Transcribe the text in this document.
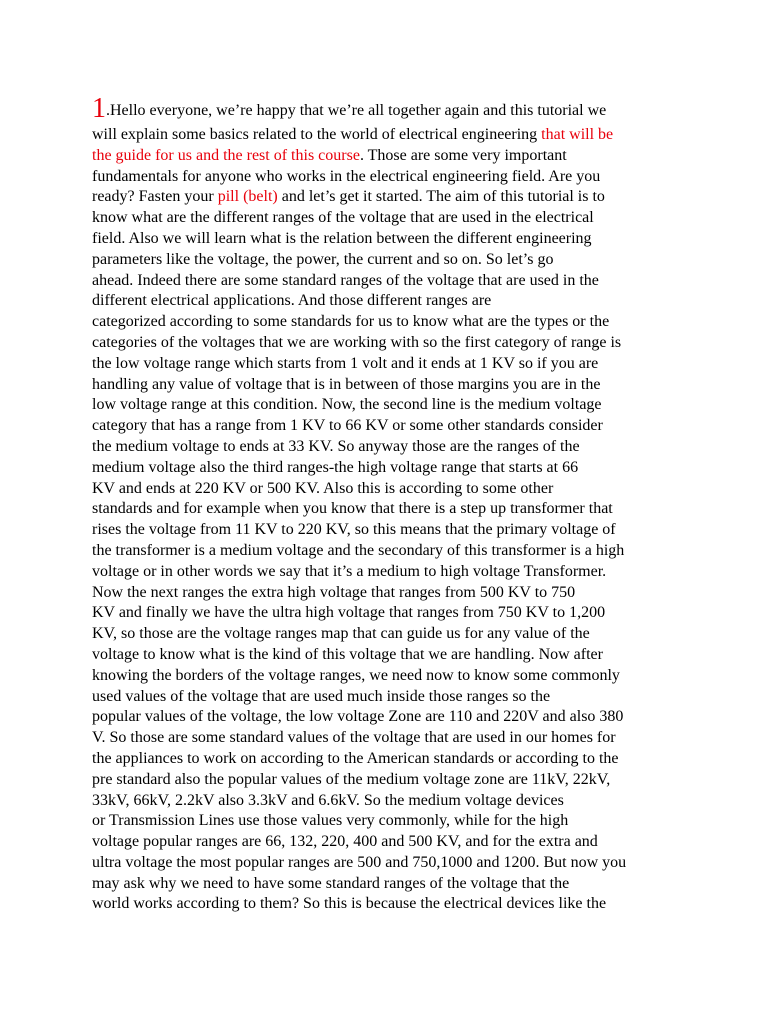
1.Hello everyone, we’re happy that we’re all together again and this tutorial we
will explain some basics related to the world of electrical engineering that will be
the guide for us and the rest of this course. Those are some very important
fundamentals for anyone who works in the electrical engineering field. Are you
ready? Fasten your pill (belt) and let’s get it started. The aim of this tutorial is to
know what are the different ranges of the voltage that are used in the electrical
field. Also we will learn what is the relation between the different engineering
parameters like the voltage, the power, the current and so on. So let’s go
ahead. Indeed there are some standard ranges of the voltage that are used in the
different electrical applications. And those different ranges are
categorized according to some standards for us to know what are the types or the
categories of the voltages that we are working with so the first category of range is
the low voltage range which starts from 1 volt and it ends at 1 KV so if you are
handling any value of voltage that is in between of those margins you are in the
low voltage range at this condition. Now, the second line is the medium voltage
category that has a range from 1 KV to 66 KV or some other standards consider
the medium voltage to ends at 33 KV. So anyway those are the ranges of the
medium voltage also the third ranges-the high voltage range that starts at 66
KV and ends at 220 KV or 500 KV. Also this is according to some other
standards and for example when you know that there is a step up transformer that
rises the voltage from 11 KV to 220 KV, so this means that the primary voltage of
the transformer is a medium voltage and the secondary of this transformer is a high
voltage or in other words we say that it’s a medium to high voltage Transformer.
Now the next ranges the extra high voltage that ranges from 500 KV to 750
KV and finally we have the ultra high voltage that ranges from 750 KV to 1,200
KV, so those are the voltage ranges map that can guide us for any value of the
voltage to know what is the kind of this voltage that we are handling. Now after
knowing the borders of the voltage ranges, we need now to know some commonly
used values of the voltage that are used much inside those ranges so the
popular values of the voltage, the low voltage Zone are 110 and 220V and also 380
V. So those are some standard values of the voltage that are used in our homes for
the appliances to work on according to the American standards or according to the
pre standard also the popular values of the medium voltage zone are 11kV, 22kV,
33kV, 66kV, 2.2kV also 3.3kV and 6.6kV. So the medium voltage devices
or Transmission Lines use those values very commonly, while for the high
voltage popular ranges are 66, 132, 220, 400 and 500 KV, and for the extra and
ultra voltage the most popular ranges are 500 and 750,1000 and 1200. But now you
may ask why we need to have some standard ranges of the voltage that the
world works according to them? So this is because the electrical devices like the
